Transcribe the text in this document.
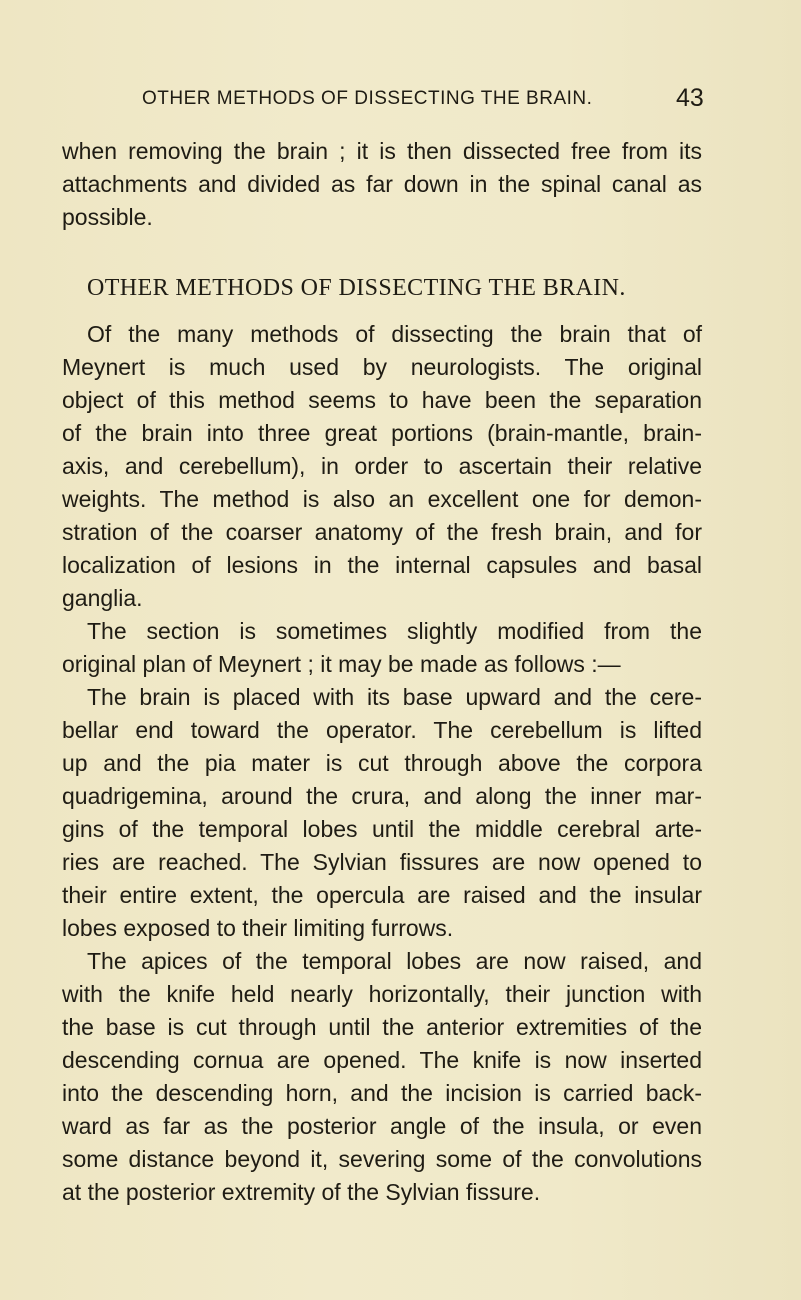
OTHER METHODS OF DISSECTING THE BRAIN.	43
when removing the brain ; it is then dissected free from its
attachments and divided as far down in the spinal canal as
possible.
OTHER METHODS OF DISSECTING THE BRAIN.
Of the many methods of dissecting the brain that of
Meynert is much used by neurologists. The original
object of this method seems to have been the separation
of the brain into three great portions (brain-mantle, brain-
axis, and cerebellum), in order to ascertain their relative
weights. The method is also an excellent one for demon-
stration of the coarser anatomy of the fresh brain, and for
localization of lesions in the internal capsules and basal
ganglia.
The section is sometimes slightly modified from the
original plan of Meynert ; it may be made as follows :—
The brain is placed with its base upward and the cere-
bellar end toward the operator. The cerebellum is lifted
up and the pia mater is cut through above the corpora
quadrigemina, around the crura, and along the inner mar-
gins of the temporal lobes until the middle cerebral arte-
ries are reached. The Sylvian fissures are now opened to
their entire extent, the opercula are raised and the insular
lobes exposed to their limiting furrows.
The apices of the temporal lobes are now raised, and
with the knife held nearly horizontally, their junction with
the base is cut through until the anterior extremities of the
descending cornua are opened. The knife is now inserted
into the descending horn, and the incision is carried back-
ward as far as the posterior angle of the insula, or even
some distance beyond it, severing some of the convolutions
at the posterior extremity of the Sylvian fissure.
